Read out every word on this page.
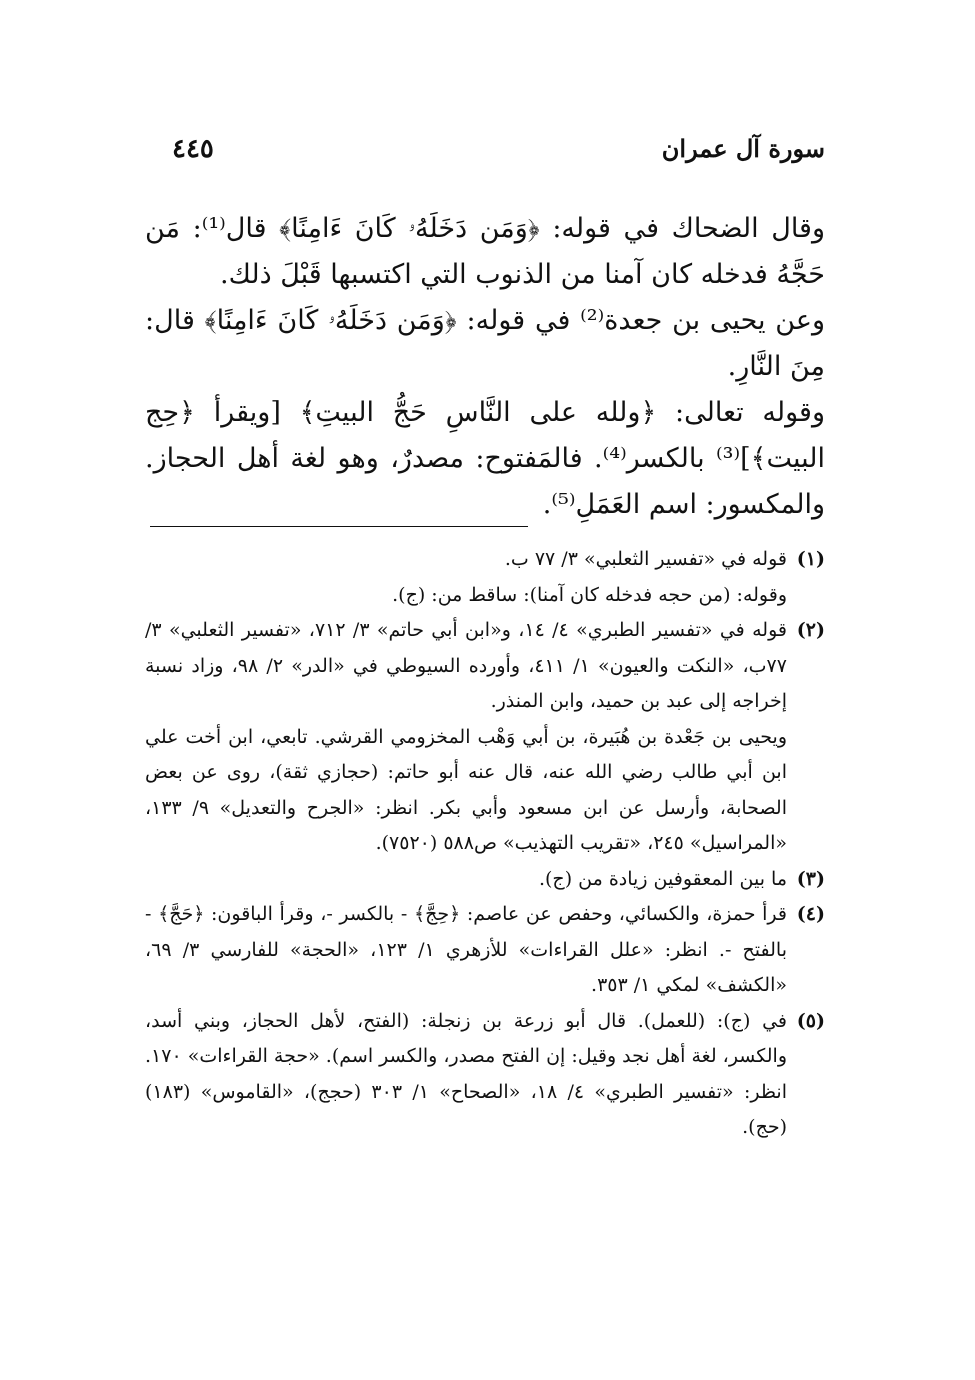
سورة آل عمران
٤٤٥

وقال الضحاك في قوله: ﴿وَمَن دَخَلَهُۥ كَانَ ءَامِنًا﴾ قال⁽¹⁾: مَن حَجَّهُ فدخله كان آمنا من الذنوب التي اكتسبها قَبْلَ ذلك.

وعن يحيى بن جعدة⁽²⁾ في قوله: ﴿وَمَن دَخَلَهُۥ كَانَ ءَامِنًا﴾ قال: مِنَ النَّارِ.

وقوله تعالى: ﴿ولله على النَّاسِ حَجُّ البيتِ﴾ [ويقرأ ﴿حِج البيت﴾]⁽³⁾ بالكسر⁽⁴⁾. فالمَفتوح: مصدرٌ، وهو لغة أهل الحجاز. والمكسور: اسم العَمَلِ⁽⁵⁾.

(١)

قوله في «تفسير الثعلبي» ٣/ ٧٧ ب.

وقوله: (من حجه فدخله كان آمنا): ساقط من: (ج).

(٢)

قوله في «تفسير الطبري» ٤/ ١٤، و«ابن أبي حاتم» ٣/ ٧١٢، «تفسير الثعلبي» ٣/ ٧٧ب، «النكت والعيون» ١/ ٤١١، وأورده السيوطي في «الدر» ٢/ ٩٨، وزاد نسبة إخراجه إلى عبد بن حميد، وابن المنذر.

ويحيى بن جَعْدة بن هُبَيرة، بن أبي وَهْب المخزومي القرشي. تابعي، ابن أخت علي ابن أبي طالب رضي الله عنه، قال عنه أبو حاتم: (حجازي ثقة)، روى عن بعض الصحابة، وأرسل عن ابن مسعود وأبي بكر. انظر: «الجرح والتعديل» ٩/ ١٣٣، «المراسيل» ٢٤٥، «تقريب التهذيب» ص٥٨٨ (٧٥٢٠).

(٣)

ما بين المعقوفين زيادة من (ج).

(٤)

قرأ حمزة، والكسائي، وحفص عن عاصم: ﴿حِجَّ﴾ - بالكسر -، وقرأ الباقون: ﴿حَجَّ﴾ - بالفتح -. انظر: «علل القراءات» للأزهري ١/ ١٢٣، «الحجة» للفارسي ٣/ ٦٩، «الكشف» لمكي ١/ ٣٥٣.

(٥)

في (ج): (للعمل). قال أبو زرعة بن زنجلة: (الفتح، لأهل الحجاز، وبني أسد، والكسر، لغة أهل نجد وقيل: إن الفتح مصدر، والكسر اسم). «حجة القراءات» ١٧٠. انظر: «تفسير الطبري» ٤/ ١٨، «الصحاح» ١/ ٣٠٣ (حجج)، «القاموس» (١٨٣) (حج).
